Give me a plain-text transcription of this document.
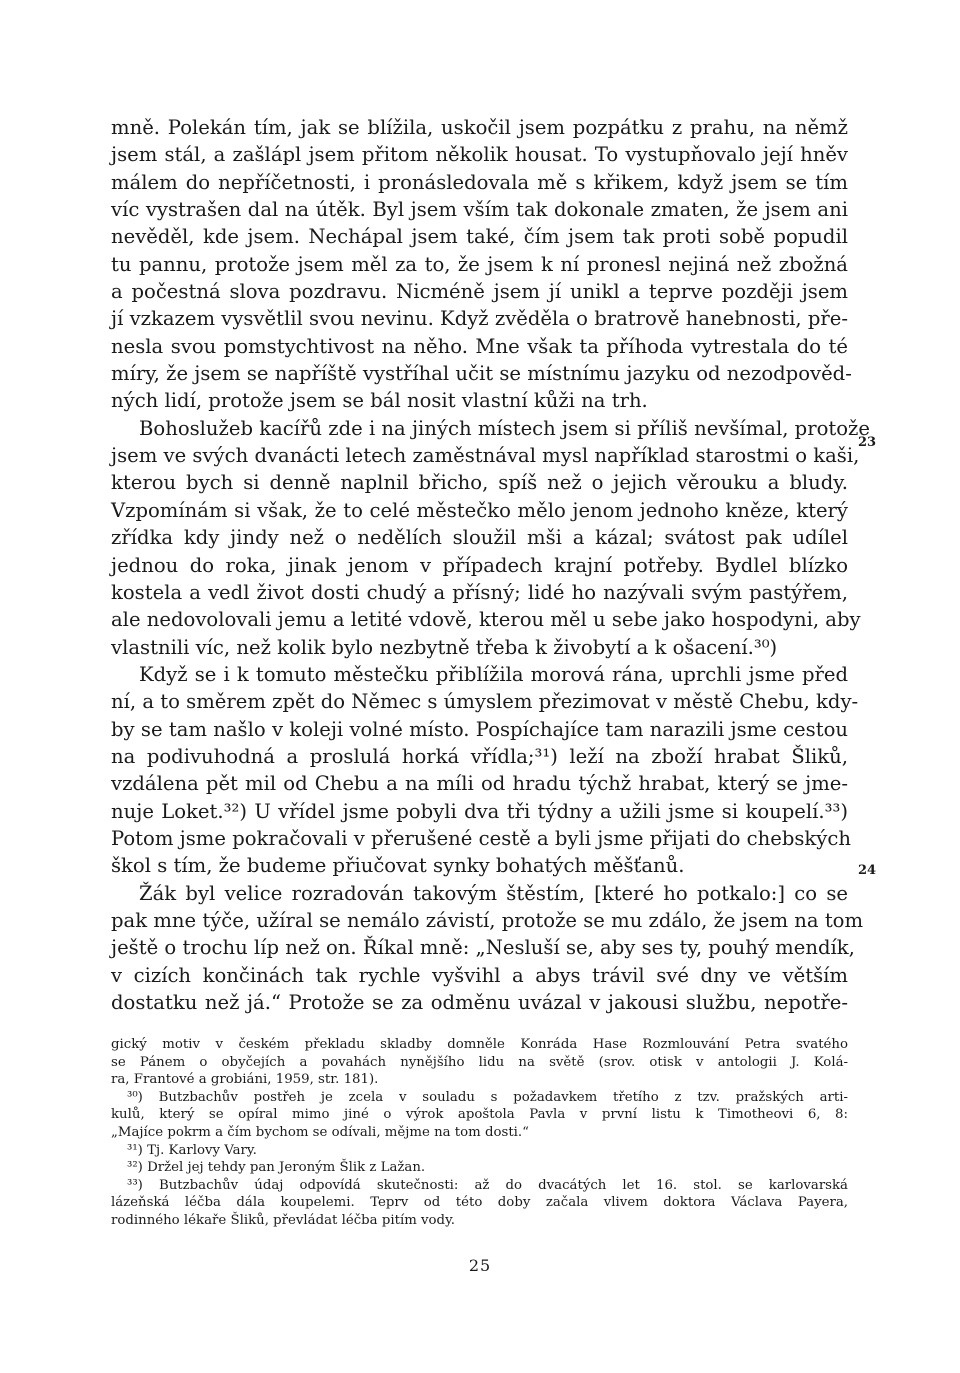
mně. Polekán tím, jak se blížila, uskočil jsem pozpátku z prahu, na němž
jsem stál, a zašlápl jsem přitom několik housat. To vystupňovalo její hněv
málem do nepříčetnosti, i pronásledovala mě s křikem, když jsem se tím
víc vystrašen dal na útěk. Byl jsem vším tak dokonale zmaten, že jsem ani
nevěděl, kde jsem. Nechápal jsem také, čím jsem tak proti sobě popudil
tu pannu, protože jsem měl za to, že jsem k ní pronesl nejiná než zbožná
a počestná slova pozdravu. Nicméně jsem jí unikl a teprve později jsem
jí vzkazem vysvětlil svou nevinu. Když zvěděla o bratrově hanebnosti, pře-
nesla svou pomstychtivost na něho. Mne však ta příhoda vytrestala do té
míry, že jsem se napříště vystříhal učit se místnímu jazyku od nezodpověd-
ných lidí, protože jsem se bál nosit vlastní kůži na trh.

Bohoslužeb kacířů zde i na jiných místech jsem si příliš nevšímal, protože
jsem ve svých dvanácti letech zaměstnával mysl například starostmi o kaši,
kterou bych si denně naplnil břicho, spíš než o jejich věrouku a bludy.
Vzpomínám si však, že to celé městečko mělo jenom jednoho kněze, který
zřídka kdy jindy než o nedělích sloužil mši a kázal; svátost pak udílel
jednou do roka, jinak jenom v případech krajní potřeby. Bydlel blízko
kostela a vedl život dosti chudý a přísný; lidé ho nazývali svým pastýřem,
ale nedovolovali jemu a letité vdově, kterou měl u sebe jako hospodyni, aby
vlastnili víc, než kolik bylo nezbytně třeba k živobytí a k ošacení.³⁰)

Když se i k tomuto městečku přiblížila morová rána, uprchli jsme před
ní, a to směrem zpět do Němec s úmyslem přezimovat v městě Chebu, kdy-
by se tam našlo v koleji volné místo. Pospíchajíce tam narazili jsme cestou
na podivuhodná a proslulá horká vřídla;³¹) leží na zboží hrabat Šliků,
vzdálena pět mil od Chebu a na míli od hradu týchž hrabat, který se jme-
nuje Loket.³²) U vřídel jsme pobyli dva tři týdny a užili jsme si koupelí.³³)
Potom jsme pokračovali v přerušené cestě a byli jsme přijati do chebských
škol s tím, že budeme přiučovat synky bohatých měšťanů.

Žák byl velice rozradován takovým štěstím, [které ho potkalo:] co se
pak mne týče, užíral se nemálo závistí, protože se mu zdálo, že jsem na tom
ještě o trochu líp než on. Říkal mně: „Nesluší se, aby ses ty, pouhý mendík,
v cizích končinách tak rychle vyšvihl a abys trávil své dny ve větším
dostatku než já.“ Protože se za odměnu uvázal v jakousi službu, nepotře-

23
24
gický motiv v českém překladu skladby domněle Konráda Hase Rozmlouvání Petra svatého
se Pánem o obyčejích a povahách nynějšího lidu na světě (srov. otisk v antologii J. Kolá-
ra, Frantové a grobiáni, 1959, str. 181).
³⁰) Butzbachův postřeh je zcela v souladu s požadavkem třetího z tzv. pražských arti-
kulů, který se opíral mimo jiné o výrok apoštola Pavla v první listu k Timotheovi 6, 8:
„Majíce pokrm a čím bychom se odívali, mějme na tom dosti.“
³¹) Tj. Karlovy Vary.
³²) Držel jej tehdy pan Jeroným Šlik z Lažan.
³³) Butzbachův údaj odpovídá skutečnosti: až do dvacátých let 16. stol. se karlovarská
lázeňská léčba dála koupelemi. Teprv od této doby začala vlivem doktora Václava Payera,
rodinného lékaře Šliků, převládat léčba pitím vody.
25
